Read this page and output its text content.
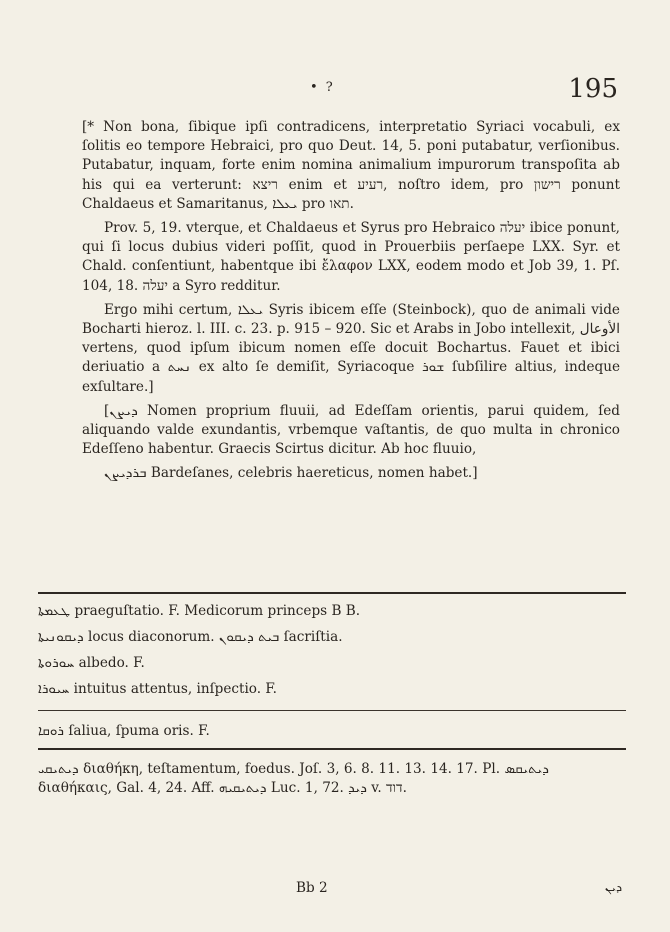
• ?	195

[* Non bona, ſibique ipſi contradicens, interpretatio Syriaci vocabuli, ex ſolitis eo tempore Hebraici, pro quo Deut. 14, 5. poni putabatur, verſionibus. Putabatur, inquam, forte enim nomina animalium impurorum transpoſita ab his qui ea verterunt: ריצא enim et רעיע, noſtro idem, pro רישון ponunt Chaldaeus et Samaritanus, ܝܥܠܐ pro תאו.

Prov. 5, 19. vterque, et Chaldaeus et Syrus pro Hebraico יעלה ibice ponunt, qui ſi locus dubius videri poſſit, quod in Prouerbiis perſaepe LXX. Syr. et Chald. conſentiunt, habentque ibi ἔλαφον LXX, eodem modo et Job 39, 1. Pſ. 104, 18. יעלה a Syro redditur.

Ergo mihi certum, ܝܥܠܐ Syris ibicem eſſe (Steinbock), quo de animali vide Bocharti hieroz. l. III. c. 23. p. 915 – 920. Sic et Arabs in Jobo intellexit, الأوعال vertens, quod ipſum ibicum nomen eſſe docuit Bochartus. Fauet et ibici deriuatio a ܢܚܬ ex alto ſe demiſit, Syriacoque ܫܘܪ ſubſilire altius, indeque exſultare.]

[ܕܝܨܢ Nomen proprium fluuii, ad Edeſſam orientis, parui quidem, ſed aliquando valde exundantis, vrbemque vaſtantis, de quo multa in chronico Edeſſeno habentur. Graecis Scirtus dicitur. Ab hoc fluuio,

ܒܪܕܝܨܢ Bardeſanes, celebris haereticus, nomen habet.]

ܛܥܡܬܐ praeguſtatio. F. Medicorum princeps B B.
ܕܝܩܘܢܝܬܐ locus diaconorum. ܒܝܬ ܕܝܩܘܢ ſacriſtia.
ܚܘܪܘܬܐ albedo. F.
ܚܝܘܪܐ intuitus attentus, inſpectio. F.
ܪܘܩܐ ſaliua, ſpuma oris. F.
ܕܝܬܝܩܝ διαθήκη, teſtamentum, foedus. Joſ. 3, 6. 8. 11. 13. 14. 17. Pl. ܕܝܬܝܩܣ διαθήκαις, Gal. 4, 24. Aff. ܕܝܬܝܩܝܗ Luc. 1, 72. ܕܝܕ v. דוד.
Bb 2	ܕܝܢ
